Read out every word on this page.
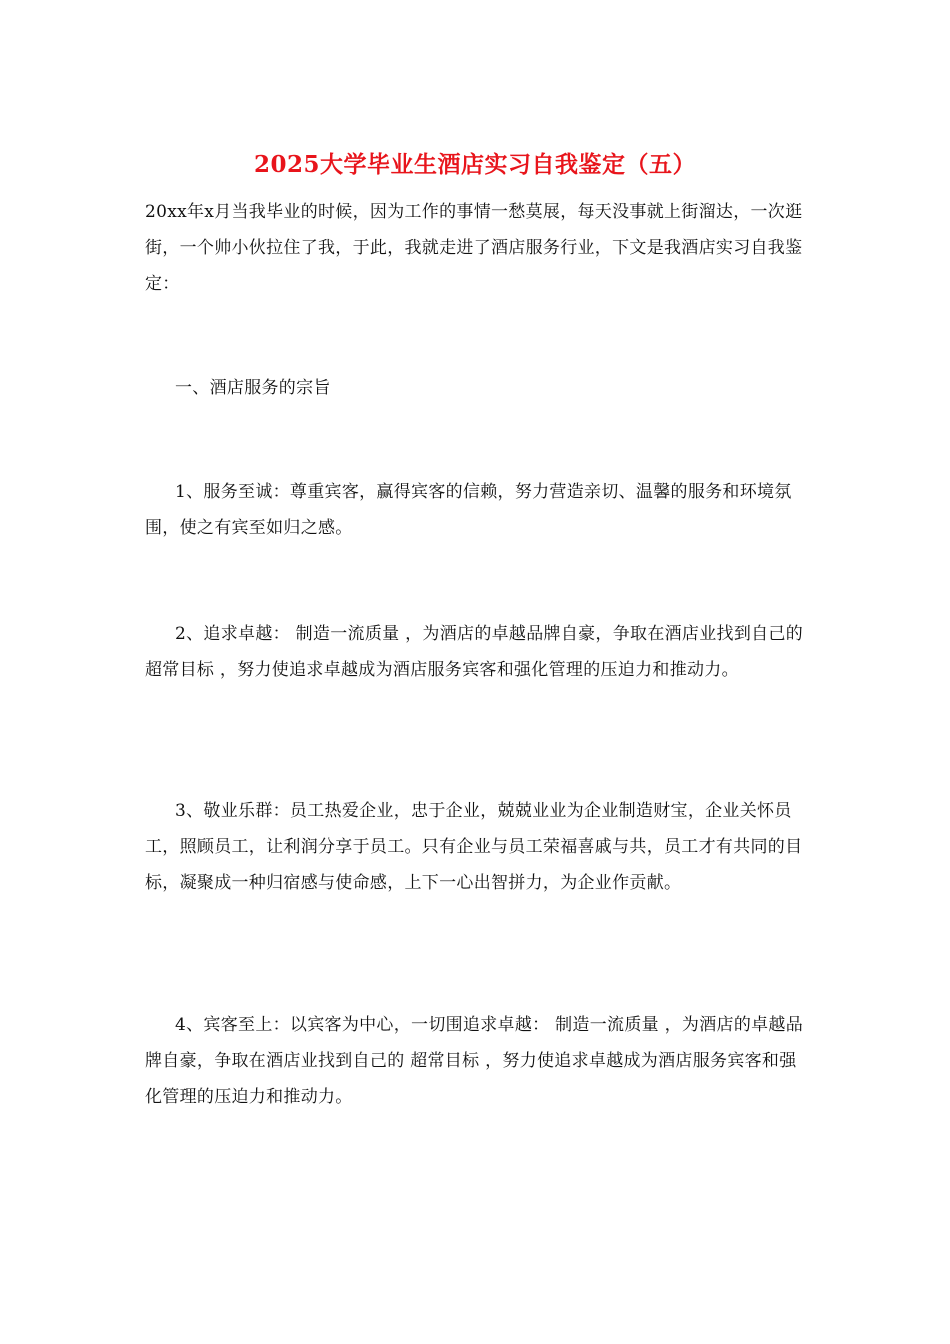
2025大学毕业生酒店实习自我鉴定（五）

20xx年x月当我毕业的时候，因为工作的事情一愁莫展，每天没事就上街溜达，一次逛街，一个帅小伙拉住了我，于此，我就走进了酒店服务行业，下文是我酒店实习自我鉴定：

一、酒店服务的宗旨

1、服务至诚：尊重宾客，赢得宾客的信赖，努力营造亲切、温馨的服务和环境氛围，使之有宾至如归之感。

2、追求卓越： 制造一流质量 ，为酒店的卓越品牌自豪，争取在酒店业找到自己的 超常目标 ，努力使追求卓越成为酒店服务宾客和强化管理的压迫力和推动力。

3、敬业乐群：员工热爱企业，忠于企业，兢兢业业为企业制造财宝，企业关怀员工，照顾员工，让利润分享于员工。只有企业与员工荣福喜戚与共，员工才有共同的目标，凝聚成一种归宿感与使命感，上下一心出智拼力，为企业作贡献。

4、宾客至上：以宾客为中心，一切围追求卓越： 制造一流质量 ，为酒店的卓越品牌自豪，争取在酒店业找到自己的 超常目标 ，努力使追求卓越成为酒店服务宾客和强化管理的压迫力和推动力。
